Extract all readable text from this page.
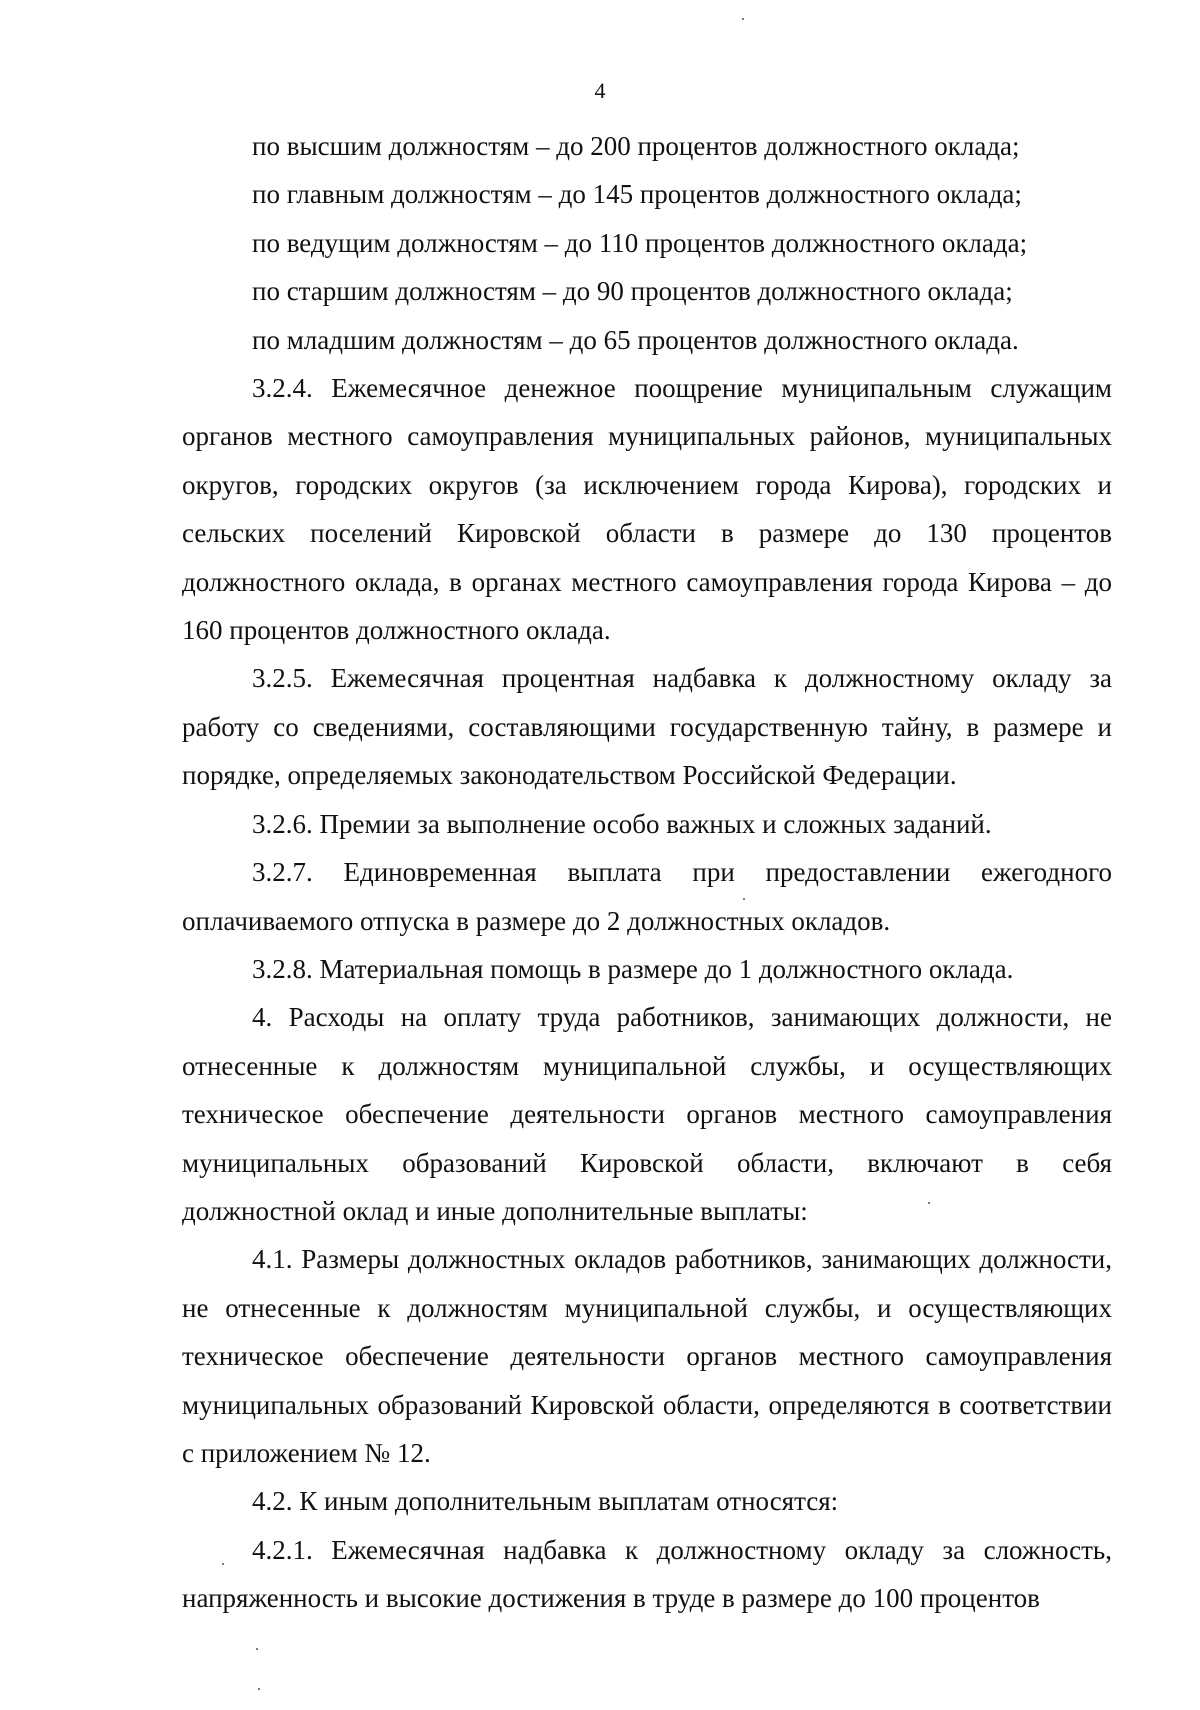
4

по высшим должностям – до 200 процентов должностного оклада;

по главным должностям – до 145 процентов должностного оклада;

по ведущим должностям – до 110 процентов должностного оклада;

по старшим должностям – до 90 процентов должностного оклада;

по младшим должностям – до 65 процентов должностного оклада.

3.2.4. Ежемесячное денежное поощрение муниципальным служащим органов местного самоуправления муниципальных районов, муниципальных округов, городских округов (за исключением города Кирова), городских и сельских поселений Кировской области в размере до 130 процентов должностного оклада, в органах местного самоуправления города Кирова – до 160 процентов должностного оклада.

3.2.5. Ежемесячная процентная надбавка к должностному окладу за работу со сведениями, составляющими государственную тайну, в размере и порядке, определяемых законодательством Российской Федерации.

3.2.6. Премии за выполнение особо важных и сложных заданий.

3.2.7. Единовременная выплата при предоставлении ежегодного оплачиваемого отпуска в размере до 2 должностных окладов.

3.2.8. Материальная помощь в размере до 1 должностного оклада.

4. Расходы на оплату труда работников, занимающих должности, не отнесенные к должностям муниципальной службы, и осуществляющих техническое обеспечение деятельности органов местного самоуправления муниципальных образований Кировской области, включают в себя должностной оклад и иные дополнительные выплаты:

4.1. Размеры должностных окладов работников, занимающих должности, не отнесенные к должностям муниципальной службы, и осуществляющих техническое обеспечение деятельности органов местного самоуправления муниципальных образований Кировской области, определяются в соответствии с приложением № 12.

4.2. К иным дополнительным выплатам относятся:

4.2.1. Ежемесячная надбавка к должностному окладу за сложность, напряженность и высокие достижения в труде в размере до 100 процентов
